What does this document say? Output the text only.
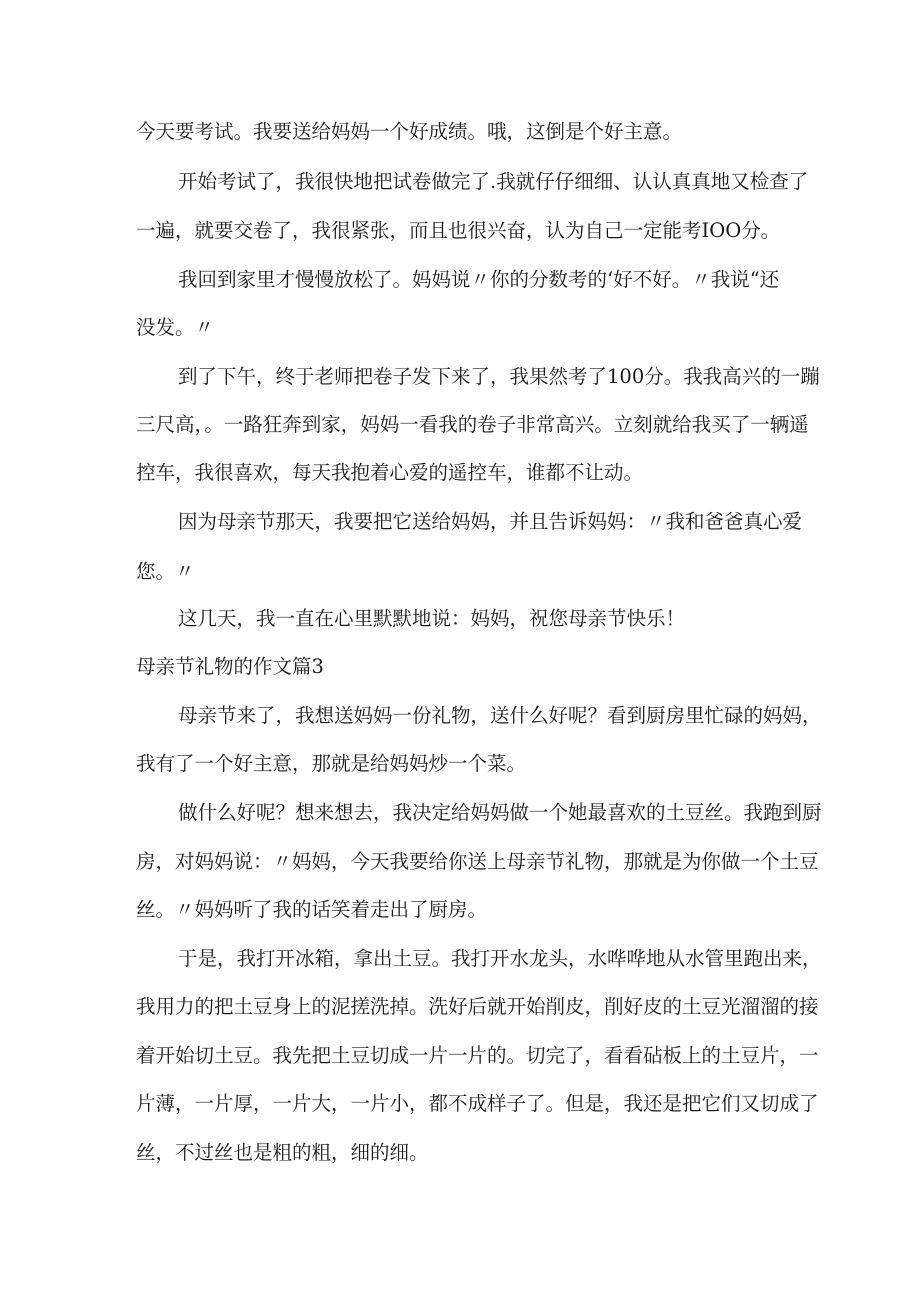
今天要考试。我要送给妈妈一个好成绩。哦，这倒是个好主意。
开始考试了，我很快地把试卷做完了.我就仔仔细细、认认真真地又检查了
一遍，就要交卷了，我很紧张，而且也很兴奋，认为自己一定能考IOO分。
我回到家里才慢慢放松了。妈妈说〃你的分数考的‘好不好。〃我说“还
没发。〃
到了下午，终于老师把卷子发下来了，我果然考了100分。我我高兴的一蹦
三尺高，。一路狂奔到家，妈妈一看我的卷子非常高兴。立刻就给我买了一辆遥
控车，我很喜欢，每天我抱着心爱的遥控车，谁都不让动。
因为母亲节那天，我要把它送给妈妈，并且告诉妈妈：〃我和爸爸真心爱
您。〃
这几天，我一直在心里默默地说：妈妈，祝您母亲节快乐！
母亲节礼物的作文篇3
母亲节来了，我想送妈妈一份礼物，送什么好呢？看到厨房里忙碌的妈妈，
我有了一个好主意，那就是给妈妈炒一个菜。
做什么好呢？想来想去，我决定给妈妈做一个她最喜欢的土豆丝。我跑到厨
房，对妈妈说：〃妈妈，今天我要给你送上母亲节礼物，那就是为你做一个土豆
丝。〃妈妈听了我的话笑着走出了厨房。
于是，我打开冰箱，拿出土豆。我打开水龙头，水哗哗地从水管里跑出来，
我用力的把土豆身上的泥搓洗掉。洗好后就开始削皮，削好皮的土豆光溜溜的接
着开始切土豆。我先把土豆切成一片一片的。切完了，看看砧板上的土豆片，一
片薄，一片厚，一片大，一片小，都不成样子了。但是，我还是把它们又切成了
丝，不过丝也是粗的粗，细的细。
